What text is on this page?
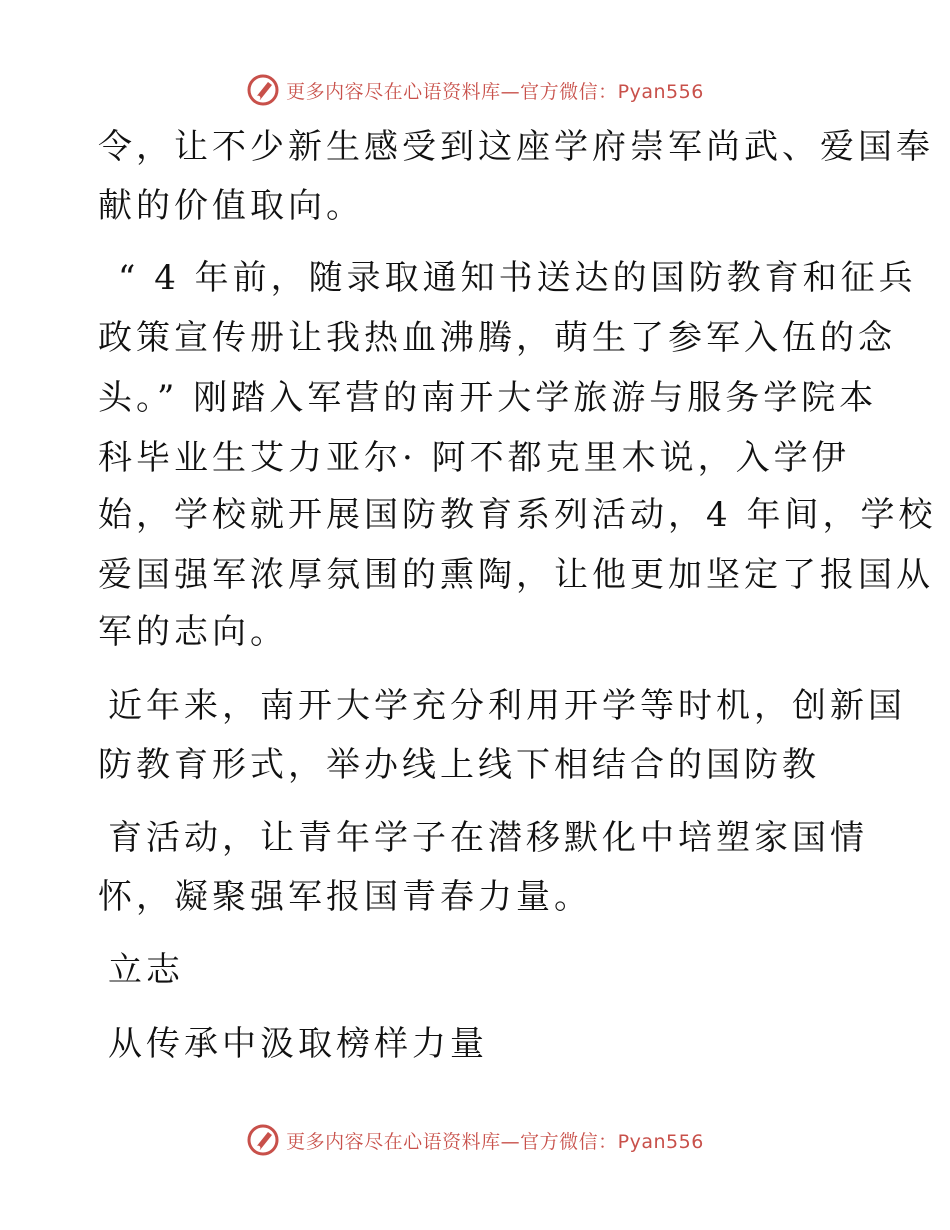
更多内容尽在心语资料库—官方微信：Pyan556
令，让不少新生感受到这座学府崇军尚武、爱国奉
献的价值取向。
“ 4 年前，随录取通知书送达的国防教育和征兵
政策宣传册让我热血沸腾，萌生了参军入伍的念
头。” 刚踏入军营的南开大学旅游与服务学院本
科毕业生艾力亚尔· 阿不都克里木说，入学伊
始，学校就开展国防教育系列活动，4 年间，学校
爱国强军浓厚氛围的熏陶，让他更加坚定了报国从
军的志向。
近年来，南开大学充分利用开学等时机，创新国
防教育形式，举办线上线下相结合的国防教
育活动，让青年学子在潜移默化中培塑家国情
怀，凝聚强军报国青春力量。
立志
从传承中汲取榜样力量
更多内容尽在心语资料库—官方微信：Pyan556
